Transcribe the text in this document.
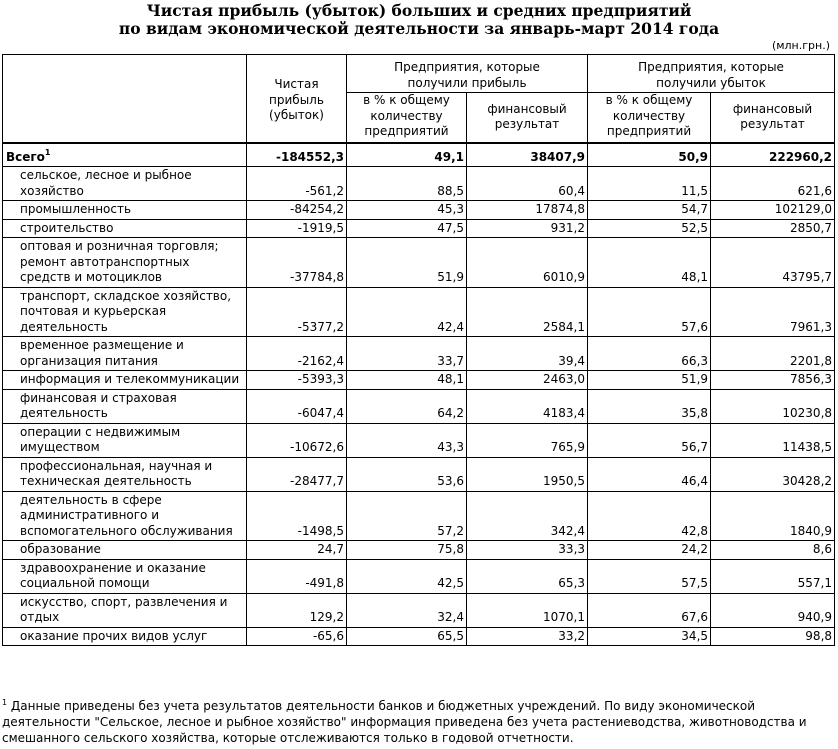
Чистая прибыль (убыток) больших и средних предприятий
по видам экономической деятельности за январь-март 2014 года
(млн.грн.)
	Чистая прибыль (убыток)	Предприятия, которые получили прибыль		Предприятия, которые получили убыток	
		в % к общему количеству предприятий	финансовый результат	в % к общему количеству предприятий	финансовый результат
Всего$^1$	-184552,3	49,1	38407,9	50,9	222960,2
сельское, лесное и рыбное хозяйство	-561,2	88,5	60,4	11,5	621,6
промышленность	-84254,2	45,3	17874,8	54,7	102129,0
строительство	-1919,5	47,5	931,2	52,5	2850,7
оптовая и розничная торговля; ремонт автотранспортных средств и мотоциклов	-37784,8	51,9	6010,9	48,1	43795,7
транспорт, складское хозяйство, почтовая и курьерская деятельность	-5377,2	42,4	2584,1	57,6	7961,3
временное размещение и организация питания	-2162,4	33,7	39,4	66,3	2201,8
информация и телекоммуникации	-5393,3	48,1	2463,0	51,9	7856,3
финансовая и страховая деятельность	-6047,4	64,2	4183,4	35,8	10230,8
операции с недвижимым имуществом	-10672,6	43,3	765,9	56,7	11438,5
профессиональная, научная и техническая деятельность	-28477,7	53,6	1950,5	46,4	30428,2
деятельность в сфере административного и вспомогательного обслуживания	-1498,5	57,2	342,4	42,8	1840,9
образование	24,7	75,8	33,3	24,2	8,6
здравоохранение и оказание социальной помощи	-491,8	42,5	65,3	57,5	557,1
искусство, спорт, развлечения и отдых	129,2	32,4	1070,1	67,6	940,9
оказание прочих видов услуг	-65,6	65,5	33,2	34,5	98,8
$^1$ Данные приведены без учета результатов деятельности банков и бюджетных учреждений. По виду экономической деятельности "Сельское, лесное и рыбное хозяйство" информация приведена без учета растениеводства, животноводства и смешанного сельского хозяйства, которые отслеживаются только в годовой отчетности.
